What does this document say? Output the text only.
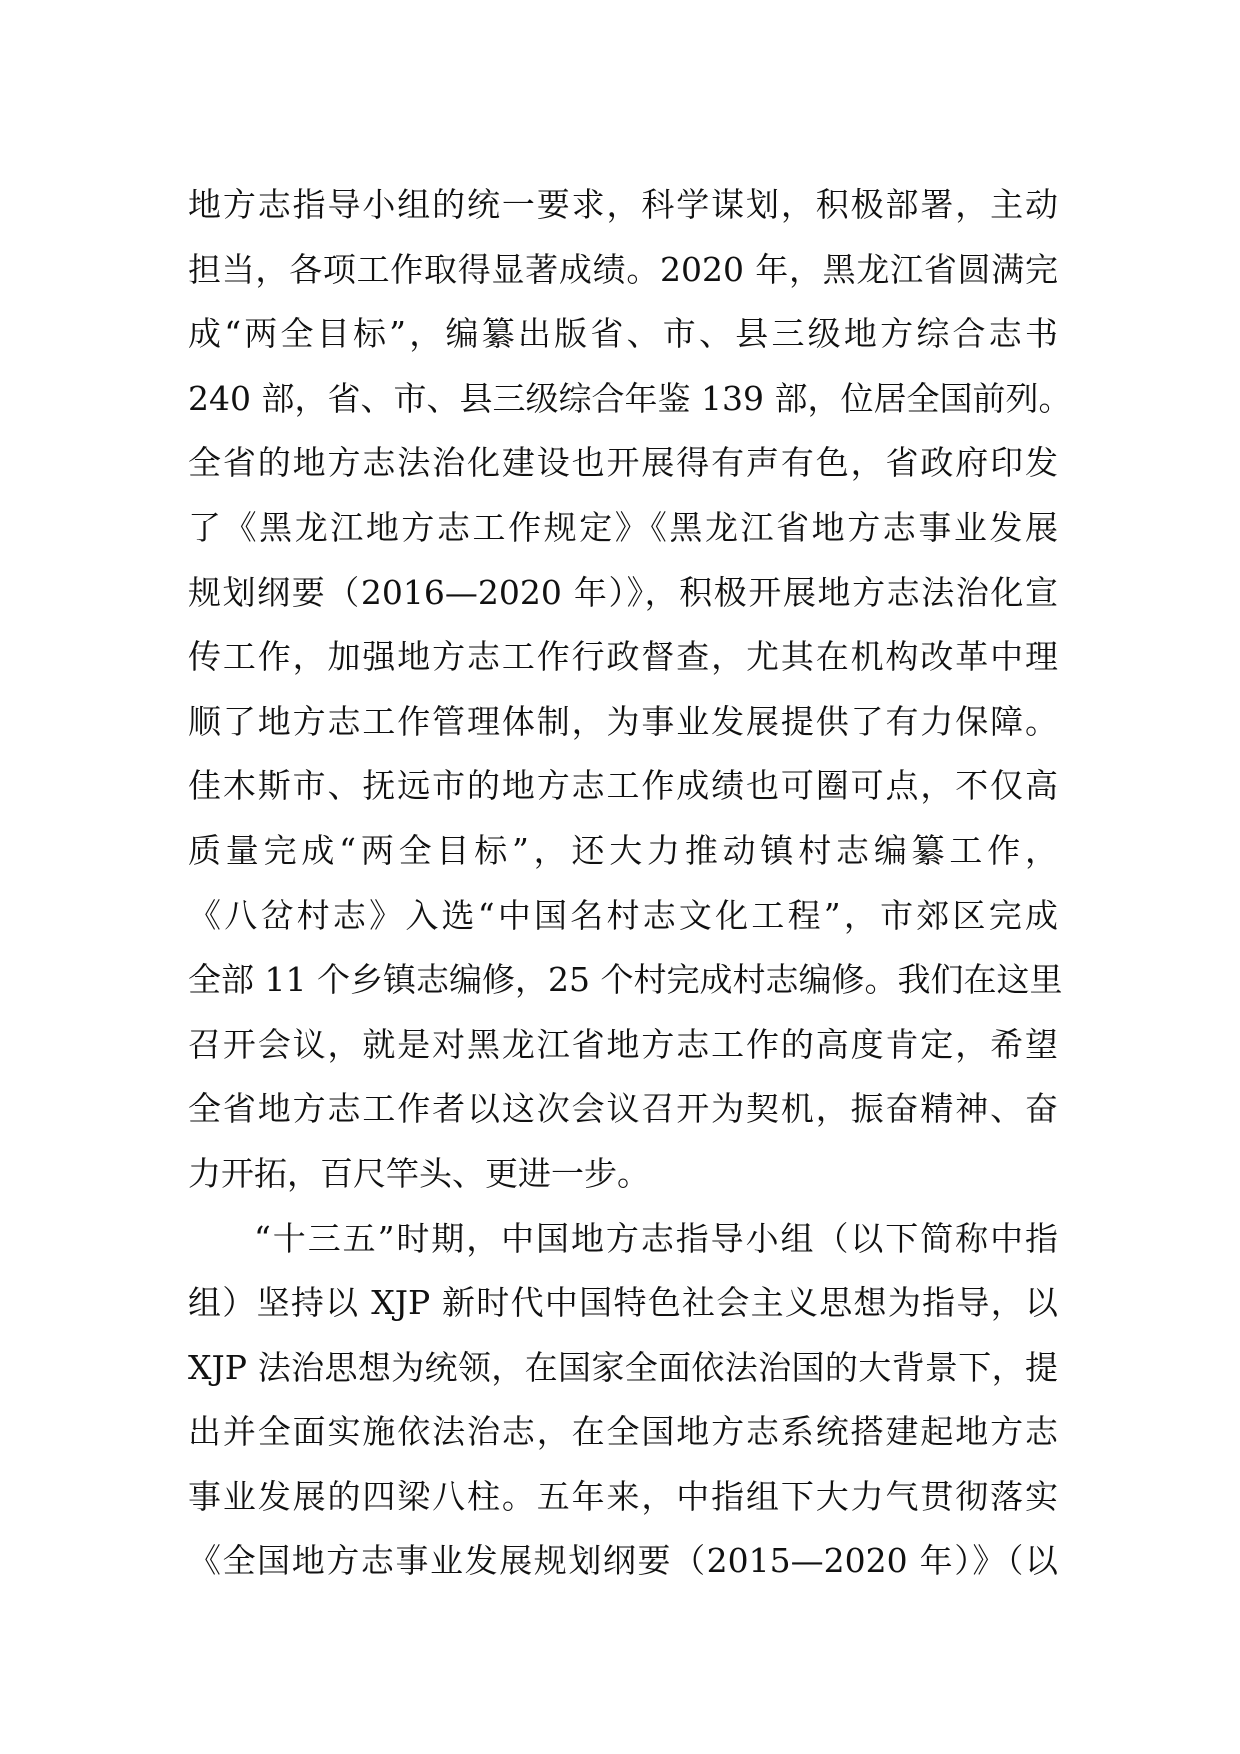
地方志指导小组的统一要求，科学谋划，积极部署，主动
担当，各项工作取得显著成绩。2020 年，黑龙江省圆满完
成“两全目标”，编纂出版省、市、县三级地方综合志书
240 部，省、市、县三级综合年鉴 139 部，位居全国前列。
全省的地方志法治化建设也开展得有声有色，省政府印发
了《黑龙江地方志工作规定》《黑龙江省地方志事业发展
规划纲要（2016—2020 年）》，积极开展地方志法治化宣
传工作，加强地方志工作行政督查，尤其在机构改革中理
顺了地方志工作管理体制，为事业发展提供了有力保障。
佳木斯市、抚远市的地方志工作成绩也可圈可点，不仅高
质量完成“两全目标”，还大力推动镇村志编纂工作，
《八岔村志》入选“中国名村志文化工程”，市郊区完成
全部 11 个乡镇志编修，25 个村完成村志编修。我们在这里
召开会议，就是对黑龙江省地方志工作的高度肯定，希望
全省地方志工作者以这次会议召开为契机，振奋精神、奋
力开拓，百尺竿头、更进一步。
“十三五”时期，中国地方志指导小组（以下简称中指
组）坚持以 XJP 新时代中国特色社会主义思想为指导，以
XJP 法治思想为统领，在国家全面依法治国的大背景下，提
出并全面实施依法治志，在全国地方志系统搭建起地方志
事业发展的四梁八柱。五年来，中指组下大力气贯彻落实
《全国地方志事业发展规划纲要（2015—2020 年）》（以
